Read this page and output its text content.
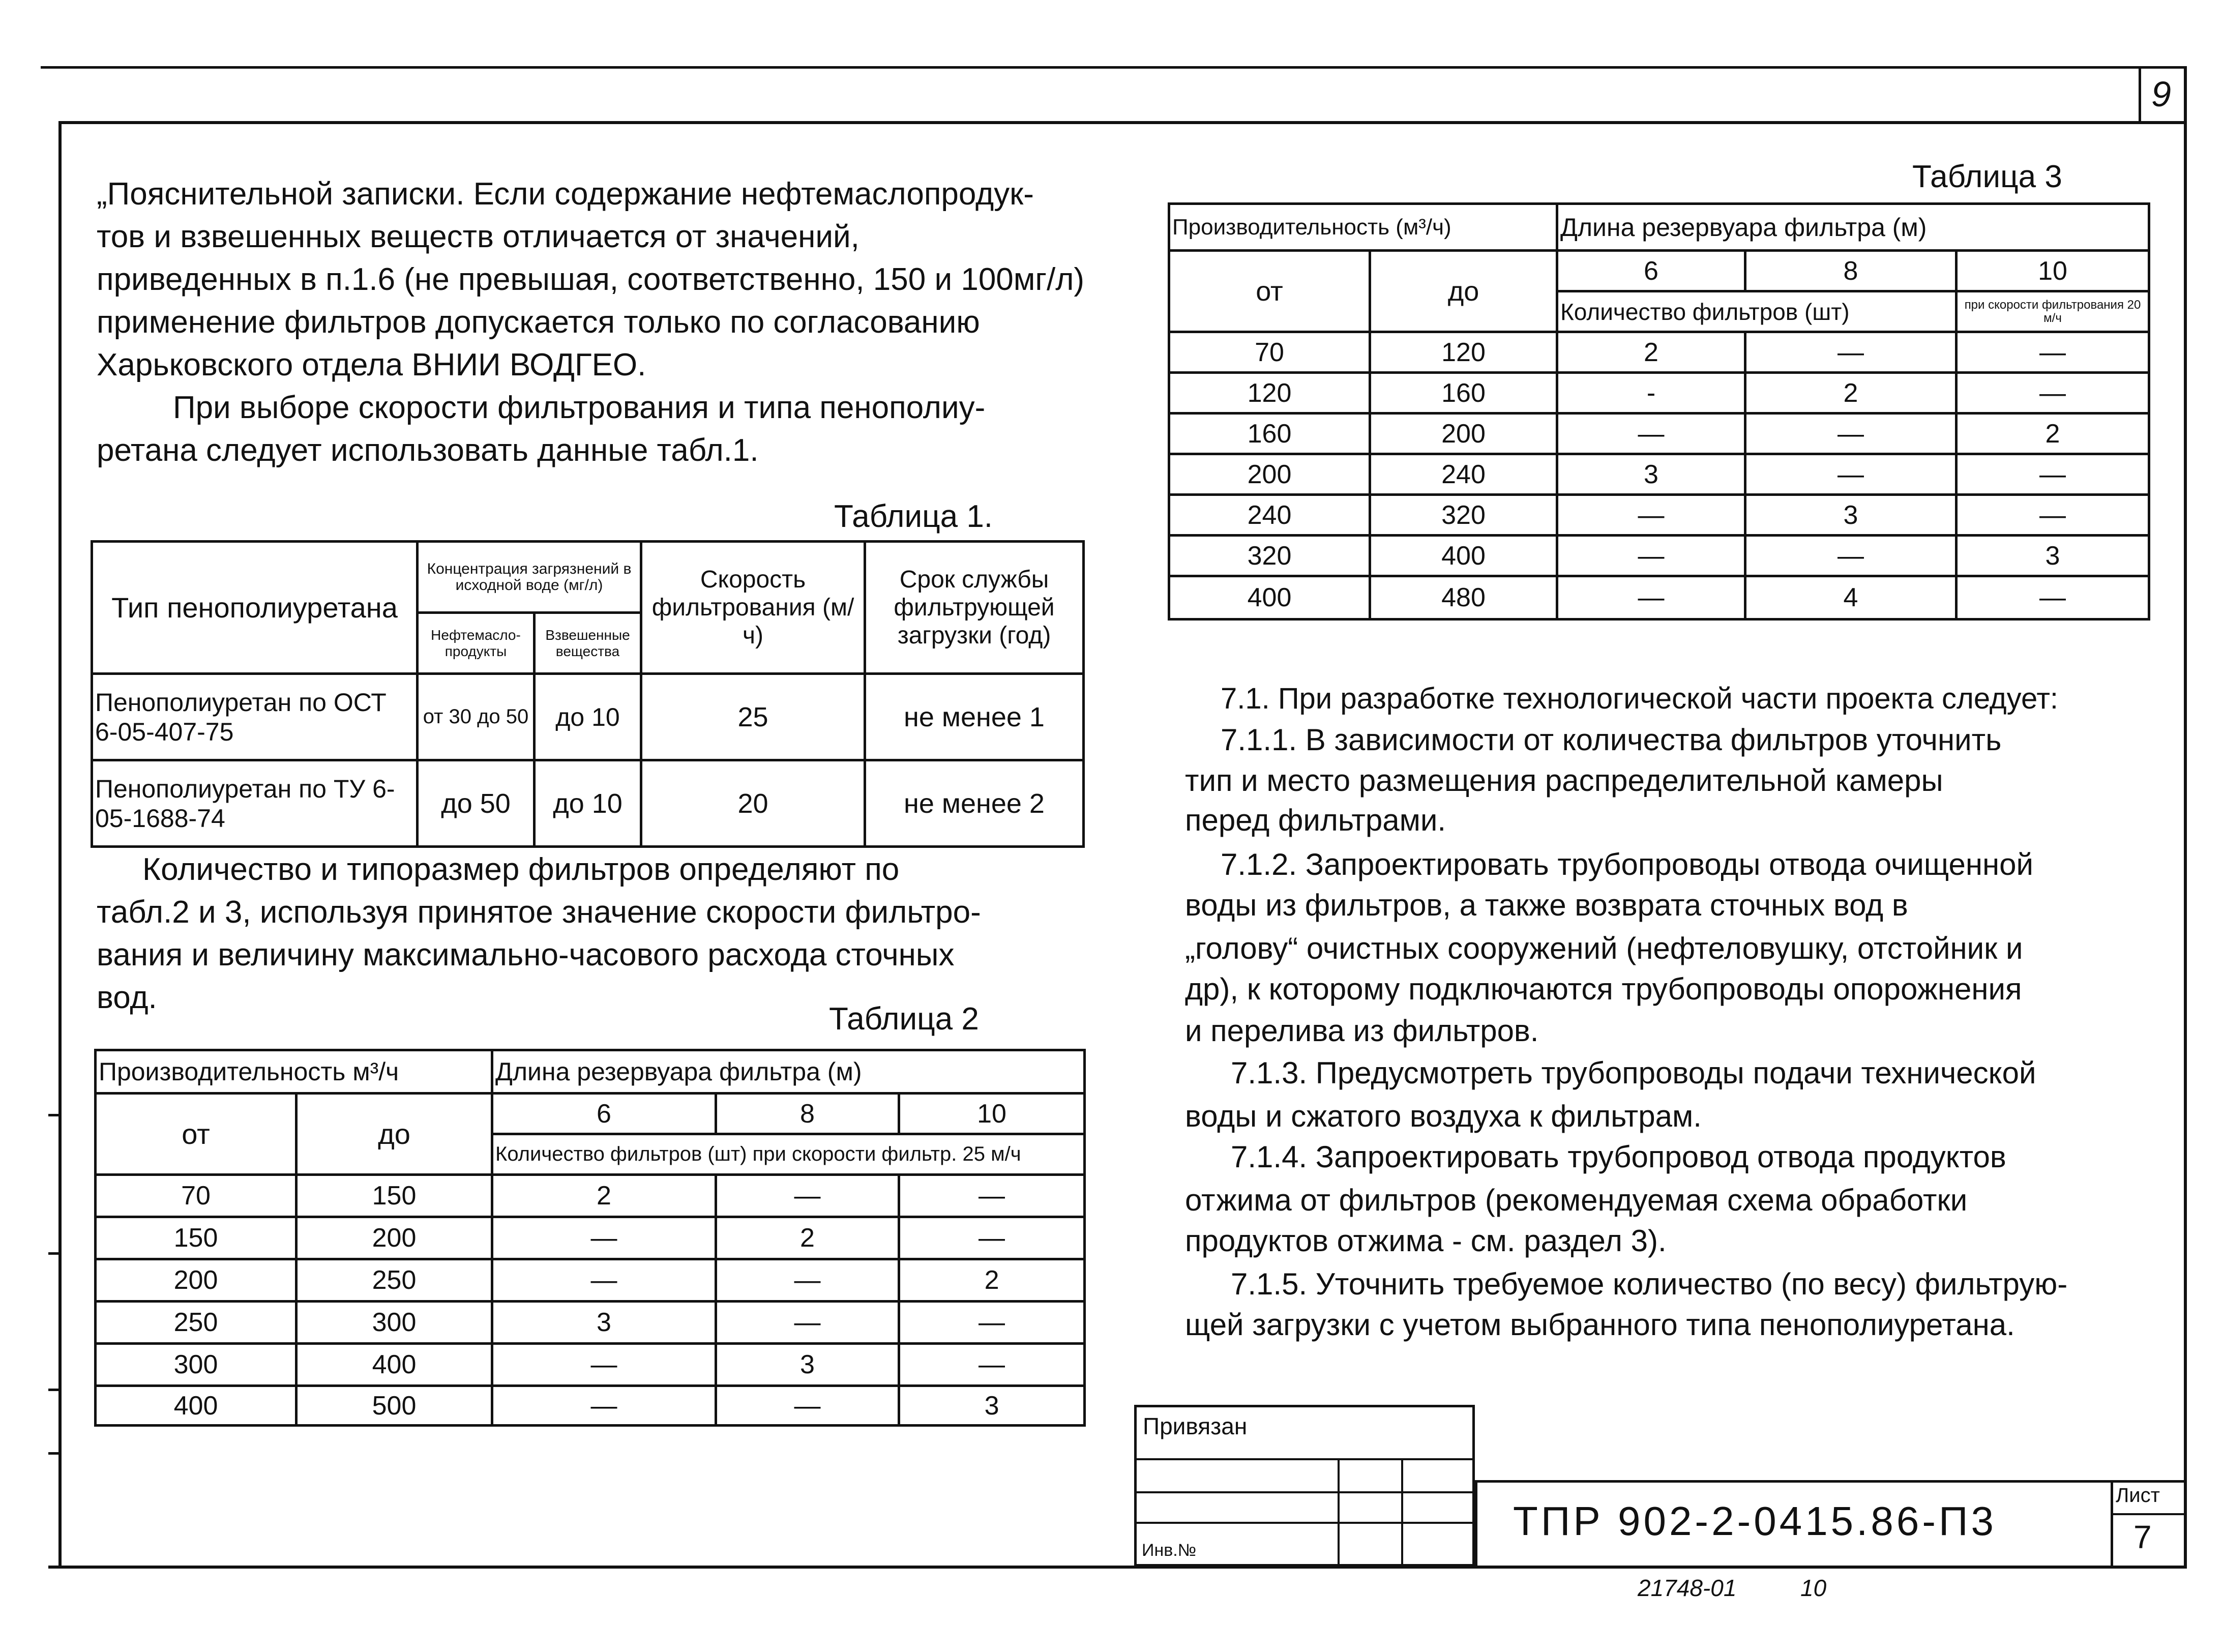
9
„Пояснительной записки. Если содержание нефтемаслопродук-
тов и взвешенных веществ отличается от значений,
приведенных в п.1.6 (не превышая, соответственно, 150 и 100мг/л)
применение фильтров допускается только по согласованию
Харьковского отдела ВНИИ ВОДГЕО.
При выборе скорости фильтрования и типа пенополиу-
ретана следует использовать данные табл.1.
Таблица 1.
Тип пенополиуретана	Концентрация загрязнений в исходной воде (мг/л)		Скорость фильтрования (м/ч)	Срок службы фильтрующей загрузки (год)
	Нефтемасло-продукты	Взвешенные вещества		
Пенополиуретан по ОСТ 6-05-407-75	от 30 до 50	до 10	25	не менее 1
Пенополиуретан по ТУ 6-05-1688-74	до 50	до 10	20	не менее 2
Количество и типоразмер фильтров определяют по
табл.2 и 3, используя принятое значение скорости фильтро-
вания и величину максимально-часового расхода сточных
вод.
Таблица 2
Производительность м³/ч		Длина резервуара фильтра (м)		
от	до	6	8	10
		Количество фильтров (шт) при скорости фильтр. 25 м/ч		
70	150	2	—	—
150	200	—	2	—
200	250	—	—	2
250	300	3	—	—
300	400	—	3	—
400	500	—	—	3
Таблица 3
Производительность (м³/ч)		Длина резервуара фильтра (м)		
от	до	6	8	10
		Количество фильтров (шт)		при скорости фильтрования 20 м/ч
70	120	2	—	—
120	160	-	2	—
160	200	—	—	2
200	240	3	—	—
240	320	—	3	—
320	400	—	—	3
400	480	—	4	—
7.1. При разработке технологической части проекта следует:
7.1.1. В зависимости от количества фильтров уточнить
тип и место размещения распределительной камеры
перед фильтрами.
7.1.2. Запроектировать трубопроводы отвода очищенной
воды из фильтров, а также возврата сточных вод в
„голову“ очистных сооружений (нефтеловушку, отстойник и
др), к которому подключаются трубопроводы опорожнения
и перелива из фильтров.
7.1.3. Предусмотреть трубопроводы подачи технической
воды и сжатого воздуха к фильтрам.
7.1.4. Запроектировать трубопровод отвода продуктов
отжима от фильтров (рекомендуемая схема обработки
продуктов отжима - см. раздел 3).
7.1.5. Уточнить требуемое количество (по весу) фильтрую-
щей загрузки с учетом выбранного типа пенополиуретана.
Привязан
Инв.№
ТПР 902-2-0415.86-П3
Лист
7
21748-01	10
